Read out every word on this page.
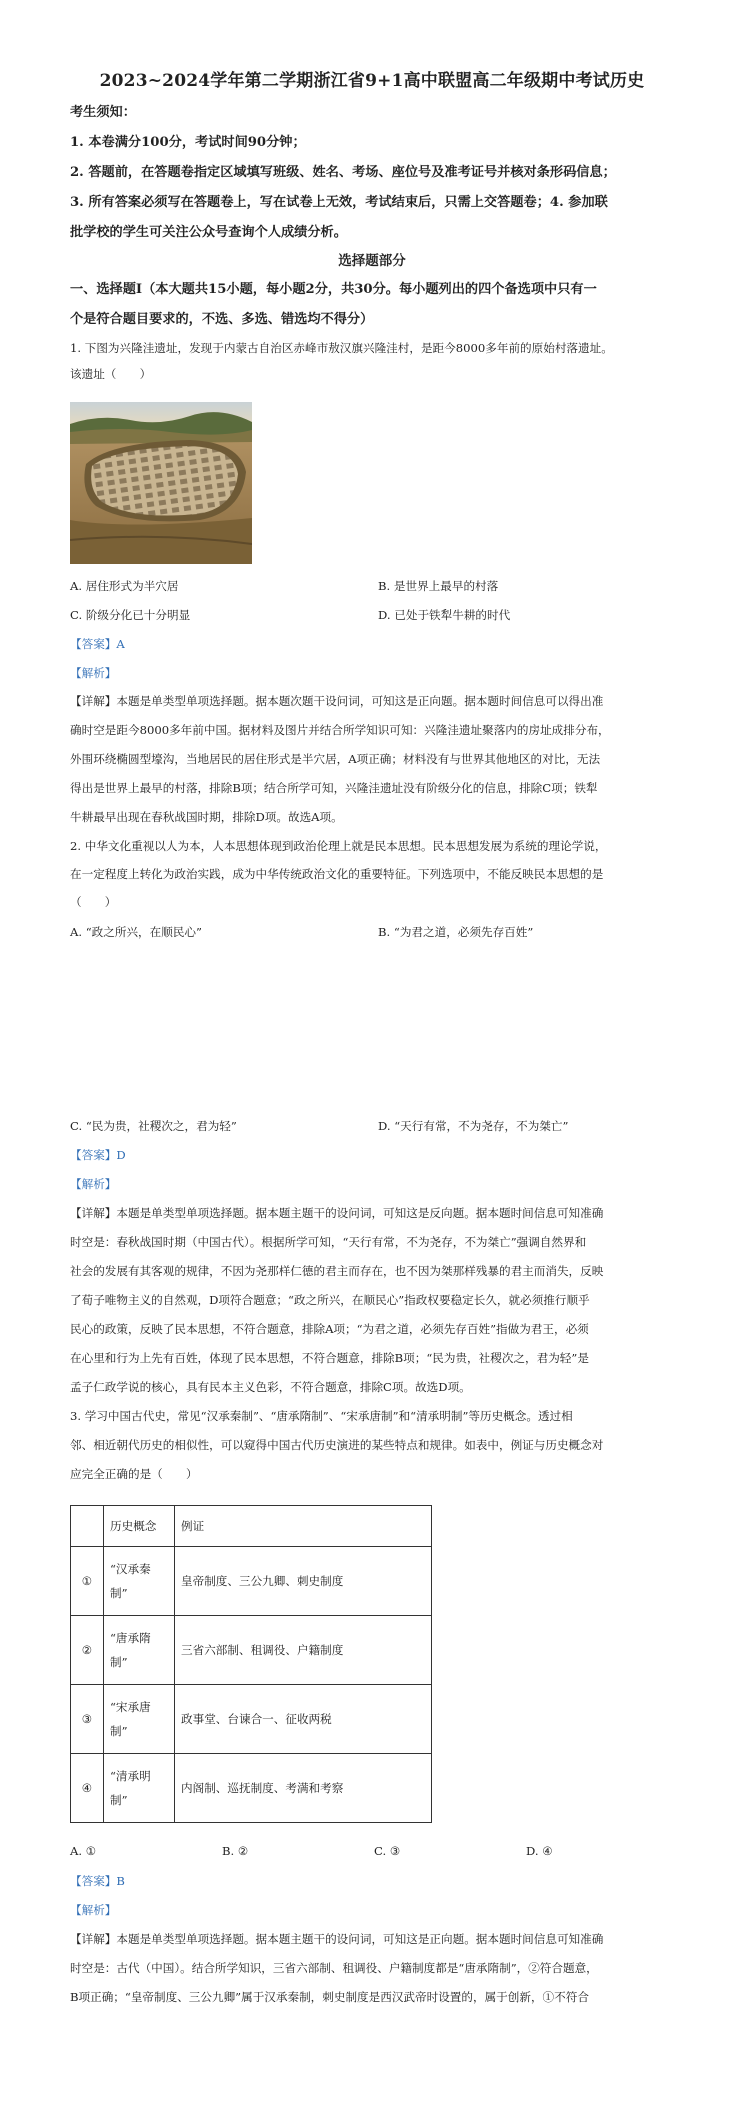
2023~2024学年第二学期浙江省9+1高中联盟高二年级期中考试历史
考生须知：
1. 本卷满分100分，考试时间90分钟；
2. 答题前，在答题卷指定区域填写班级、姓名、考场、座位号及准考证号并核对条形码信息；
3. 所有答案必须写在答题卷上，写在试卷上无效，考试结束后，只需上交答题卷；4. 参加联
批学校的学生可关注公众号查询个人成绩分析。
选择题部分
一、选择题Ⅰ（本大题共15小题，每小题2分，共30分。每小题列出的四个备选项中只有一
个是符合题目要求的，不选、多选、错选均不得分）
1. 下图为兴隆洼遗址，发现于内蒙古自治区赤峰市敖汉旗兴隆洼村，是距今8000多年前的原始村落遗址。
该遗址（　　）
A. 居住形式为半穴居	B. 是世界上最早的村落
C. 阶级分化已十分明显	D. 已处于铁犁牛耕的时代
【答案】A
【解析】
【详解】本题是单类型单项选择题。据本题次题干设问词，可知这是正向题。据本题时间信息可以得出准
确时空是距今8000多年前中国。据材料及图片并结合所学知识可知：兴隆洼遗址聚落内的房址成排分布，
外围环绕椭圆型壕沟，当地居民的居住形式是半穴居，A项正确；材料没有与世界其他地区的对比，无法
得出是世界上最早的村落，排除B项；结合所学可知，兴隆洼遗址没有阶级分化的信息，排除C项；铁犁
牛耕最早出现在春秋战国时期，排除D项。故选A项。
2. 中华文化重视以人为本，人本思想体现到政治伦理上就是民本思想。民本思想发展为系统的理论学说，
在一定程度上转化为政治实践，成为中华传统政治文化的重要特征。下列选项中，不能反映民本思想的是
（　　）
A. “政之所兴，在顺民心”	B. “为君之道，必须先存百姓”
C. “民为贵，社稷次之，君为轻”	D. “天行有常，不为尧存，不为桀亡”
【答案】D
【解析】
【详解】本题是单类型单项选择题。据本题主题干的设问词，可知这是反向题。据本题时间信息可知准确
时空是：春秋战国时期（中国古代）。根据所学可知，“天行有常，不为尧存，不为桀亡”强调自然界和
社会的发展有其客观的规律，不因为尧那样仁德的君主而存在，也不因为桀那样残暴的君主而消失，反映
了荀子唯物主义的自然观，D项符合题意；“政之所兴，在顺民心”指政权要稳定长久，就必须推行顺乎
民心的政策，反映了民本思想，不符合题意，排除A项；“为君之道，必须先存百姓”指做为君王，必须
在心里和行为上先有百姓，体现了民本思想，不符合题意，排除B项；“民为贵，社稷次之，君为轻”是
孟子仁政学说的核心，具有民本主义色彩，不符合题意，排除C项。故选D项。
3. 学习中国古代史，常见“汉承秦制”、“唐承隋制”、“宋承唐制”和“清承明制”等历史概念。透过相
邻、相近朝代历史的相似性，可以窥得中国古代历史演进的某些特点和规律。如表中，例证与历史概念对
应完全正确的是（　　）
	历史概念	例证
①	“汉承秦
制”	皇帝制度、三公九卿、刺史制度
②	“唐承隋
制”	三省六部制、租调役、户籍制度
③	“宋承唐
制”	政事堂、台谏合一、征收两税
④	“清承明
制”	内阁制、巡抚制度、考满和考察
A. ①	B. ②	C. ③	D. ④
【答案】B
【解析】
【详解】本题是单类型单项选择题。据本题主题干的设问词，可知这是正向题。据本题时间信息可知准确
时空是：古代（中国）。结合所学知识，三省六部制、租调役、户籍制度都是“唐承隋制”，②符合题意，
B项正确；“皇帝制度、三公九卿”属于汉承秦制，刺史制度是西汉武帝时设置的，属于创新，①不符合
